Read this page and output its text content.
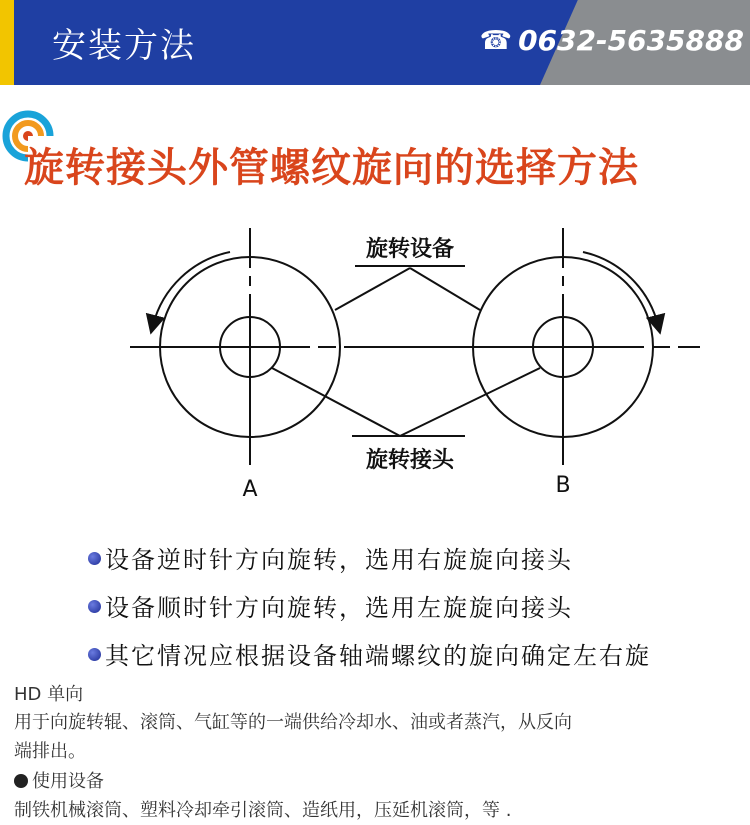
安装方法	☎ 0632-5635888
旋转接头外管螺纹旋向的选择方法
旋转设备
旋转接头
A	B
设备逆时针方向旋转，选用右旋旋向接头
设备顺时针方向旋转，选用左旋旋向接头
其它情况应根据设备轴端螺纹的旋向确定左右旋
HD 单向
用于向旋转辊、滚筒、气缸等的一端供给冷却水、油或者蒸汽，从反向
端排出。
使用设备
制铁机械滚筒、塑料冷却牵引滚筒、造纸用，压延机滚筒，等 .
